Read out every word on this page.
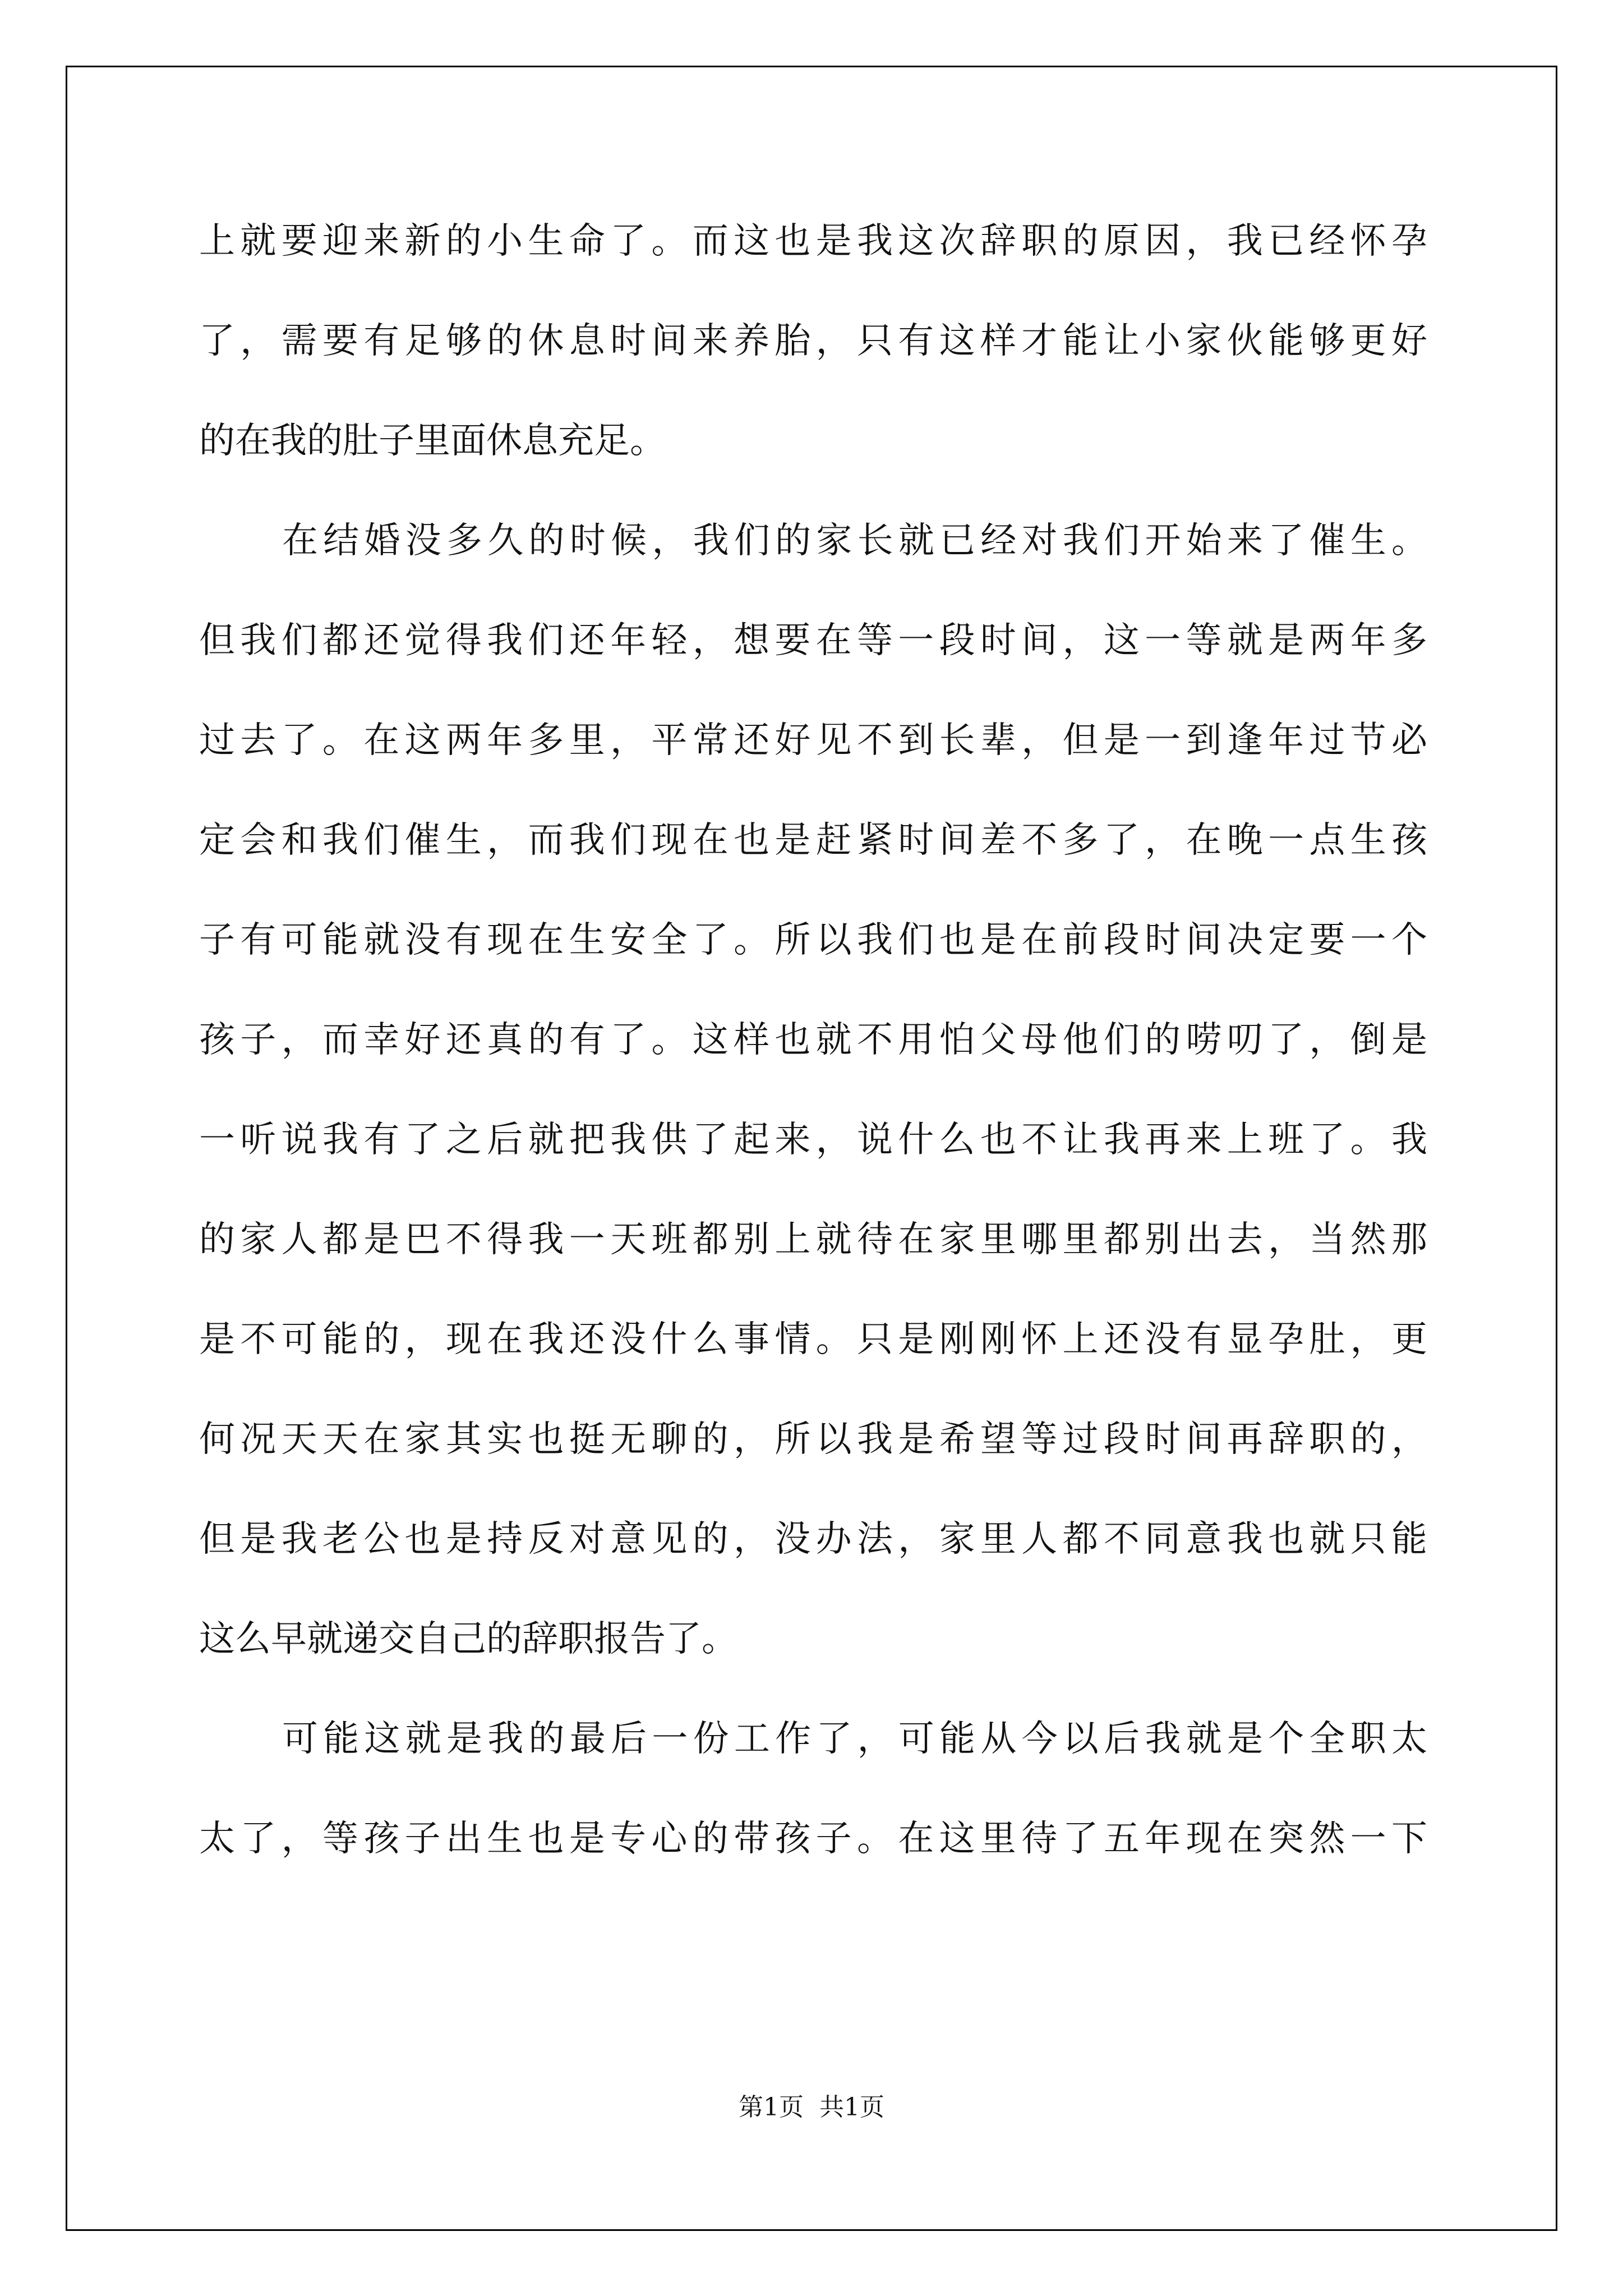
上就要迎来新的小生命了。而这也是我这次辞职的原因，我已经怀孕
了，需要有足够的休息时间来养胎，只有这样才能让小家伙能够更好
的在我的肚子里面休息充足。
在结婚没多久的时候，我们的家长就已经对我们开始来了催生。
但我们都还觉得我们还年轻，想要在等一段时间，这一等就是两年多
过去了。在这两年多里，平常还好见不到长辈，但是一到逢年过节必
定会和我们催生，而我们现在也是赶紧时间差不多了，在晚一点生孩
子有可能就没有现在生安全了。所以我们也是在前段时间决定要一个
孩子，而幸好还真的有了。这样也就不用怕父母他们的唠叨了，倒是
一听说我有了之后就把我供了起来，说什么也不让我再来上班了。我
的家人都是巴不得我一天班都别上就待在家里哪里都别出去，当然那
是不可能的，现在我还没什么事情。只是刚刚怀上还没有显孕肚，更
何况天天在家其实也挺无聊的，所以我是希望等过段时间再辞职的，
但是我老公也是持反对意见的，没办法，家里人都不同意我也就只能
这么早就递交自己的辞职报告了。
可能这就是我的最后一份工作了，可能从今以后我就是个全职太
太了，等孩子出生也是专心的带孩子。在这里待了五年现在突然一下
第1页 共1页
